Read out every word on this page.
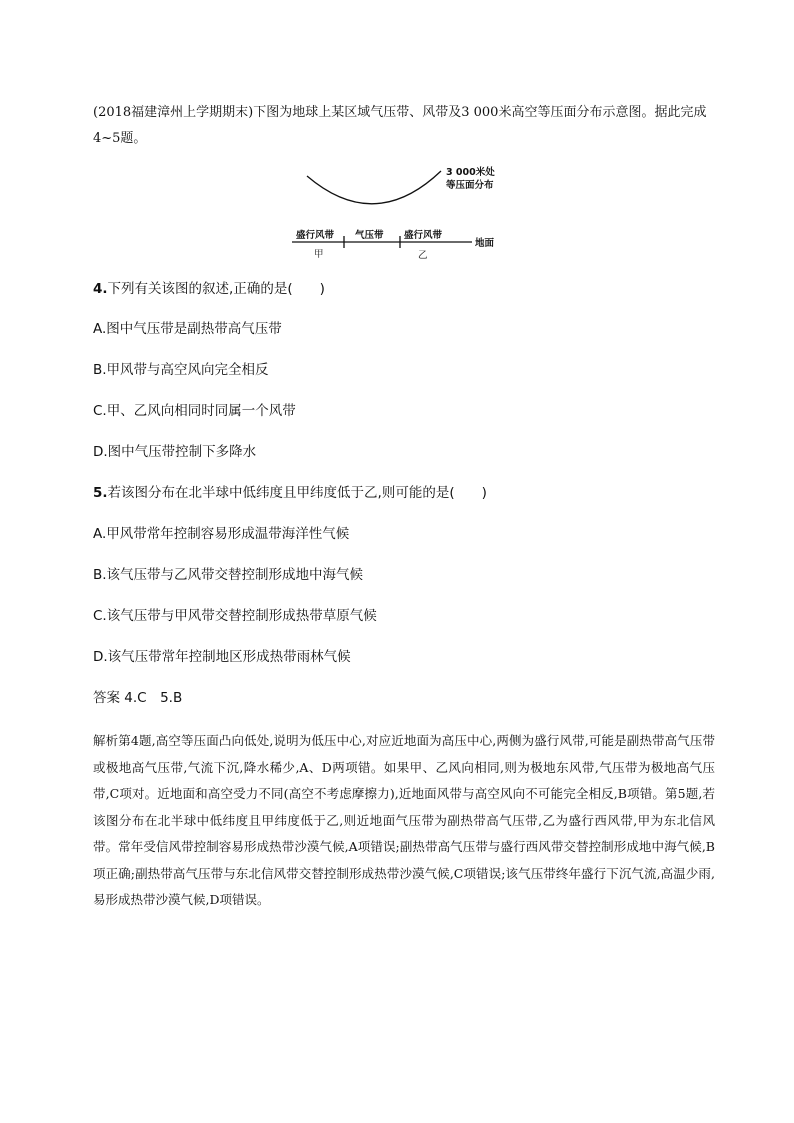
(2018福建漳州上学期期末)下图为地球上某区域气压带、风带及3 000米高空等压面分布示意图。据此完成4~5题。
3 000米处
等压面分布
盛行风带 气压带 盛行风带
地面
甲	乙
4.下列有关该图的叙述,正确的是(　　)
A.图中气压带是副热带高气压带
B.甲风带与高空风向完全相反
C.甲、乙风向相同时同属一个风带
D.图中气压带控制下多降水
5.若该图分布在北半球中低纬度且甲纬度低于乙,则可能的是(　　)
A.甲风带常年控制容易形成温带海洋性气候
B.该气压带与乙风带交替控制形成地中海气候
C.该气压带与甲风带交替控制形成热带草原气候
D.该气压带常年控制地区形成热带雨林气候
答案 4.C　5.B
解析第4题,高空等压面凸向低处,说明为低压中心,对应近地面为高压中心,两侧为盛行风带,可能是副热带高气压带或极地高气压带,气流下沉,降水稀少,A、D两项错。如果甲、乙风向相同,则为极地东风带,气压带为极地高气压带,C项对。近地面和高空受力不同(高空不考虑摩擦力),近地面风带与高空风向不可能完全相反,B项错。第5题,若该图分布在北半球中低纬度且甲纬度低于乙,则近地面气压带为副热带高气压带,乙为盛行西风带,甲为东北信风带。常年受信风带控制容易形成热带沙漠气候,A项错误;副热带高气压带与盛行西风带交替控制形成地中海气候,B项正确;副热带高气压带与东北信风带交替控制形成热带沙漠气候,C项错误;该气压带终年盛行下沉气流,高温少雨,易形成热带沙漠气候,D项错误。
